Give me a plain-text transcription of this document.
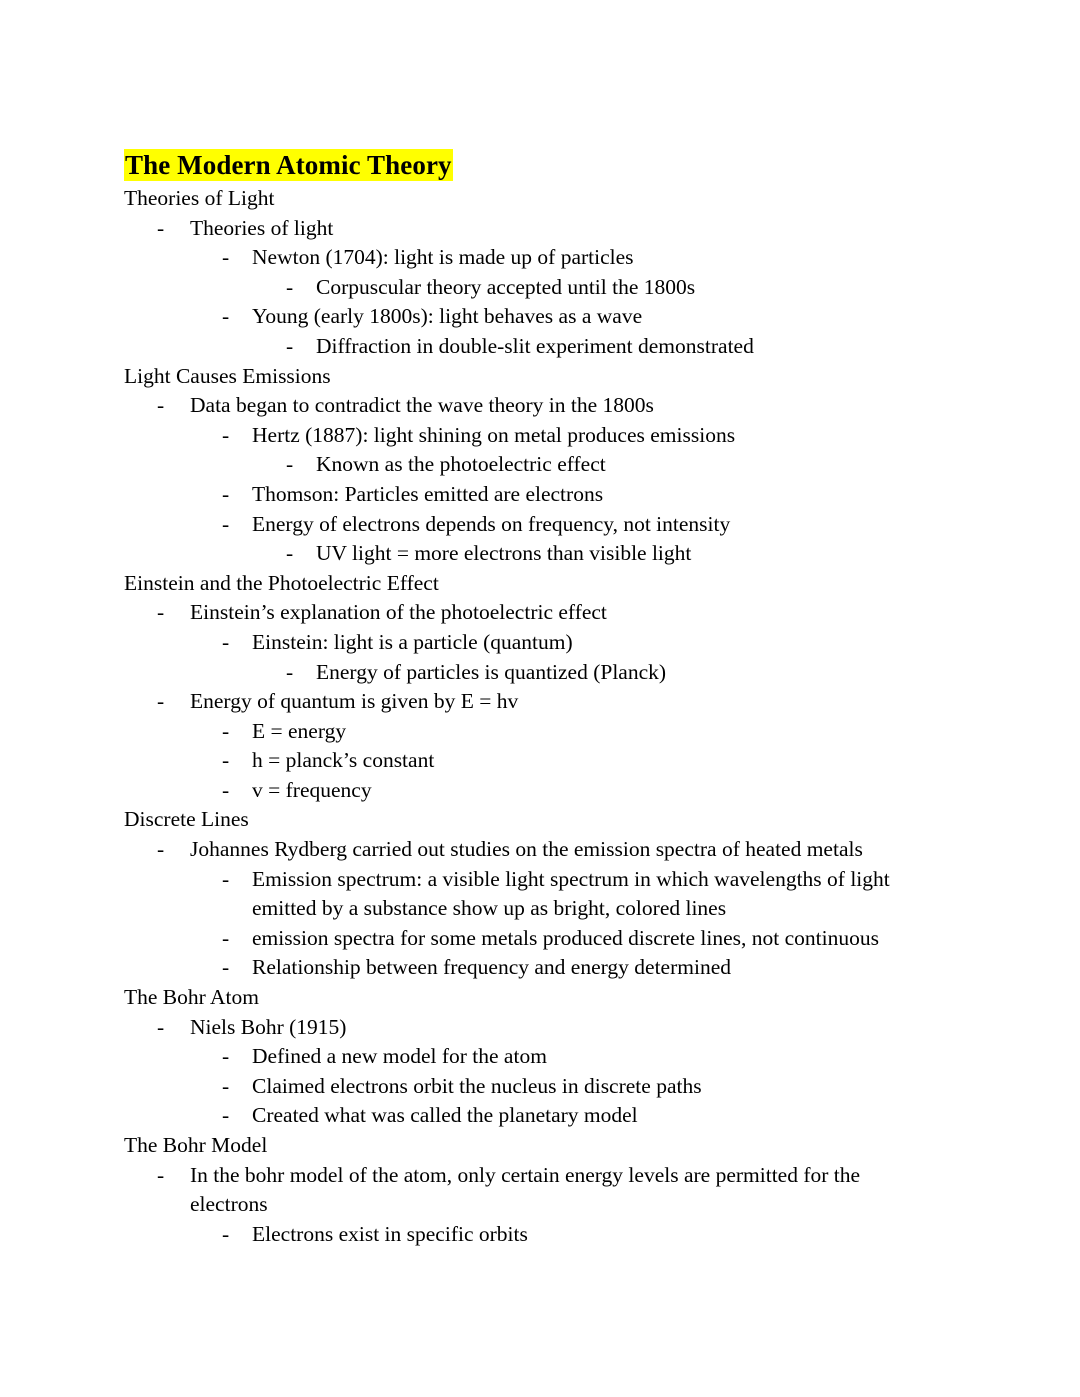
The Modern Atomic Theory
Theories of Light
- Theories of light
- Newton (1704): light is made up of particles
- Corpuscular theory accepted until the 1800s
- Young (early 1800s): light behaves as a wave
- Diffraction in double-slit experiment demonstrated
Light Causes Emissions
- Data began to contradict the wave theory in the 1800s
- Hertz (1887): light shining on metal produces emissions
- Known as the photoelectric effect
- Thomson: Particles emitted are electrons
- Energy of electrons depends on frequency, not intensity
- UV light = more electrons than visible light
Einstein and the Photoelectric Effect
- Einstein’s explanation of the photoelectric effect
- Einstein: light is a particle (quantum)
- Energy of particles is quantized (Planck)
- Energy of quantum is given by E = hv
- E = energy
- h = planck’s constant
- v = frequency
Discrete Lines
- Johannes Rydberg carried out studies on the emission spectra of heated metals
- Emission spectrum: a visible light spectrum in which wavelengths of light emitted by a substance show up as bright, colored lines
- emission spectra for some metals produced discrete lines, not continuous
- Relationship between frequency and energy determined
The Bohr Atom
- Niels Bohr (1915)
- Defined a new model for the atom
- Claimed electrons orbit the nucleus in discrete paths
- Created what was called the planetary model
The Bohr Model
- In the bohr model of the atom, only certain energy levels are permitted for the electrons
- Electrons exist in specific orbits
